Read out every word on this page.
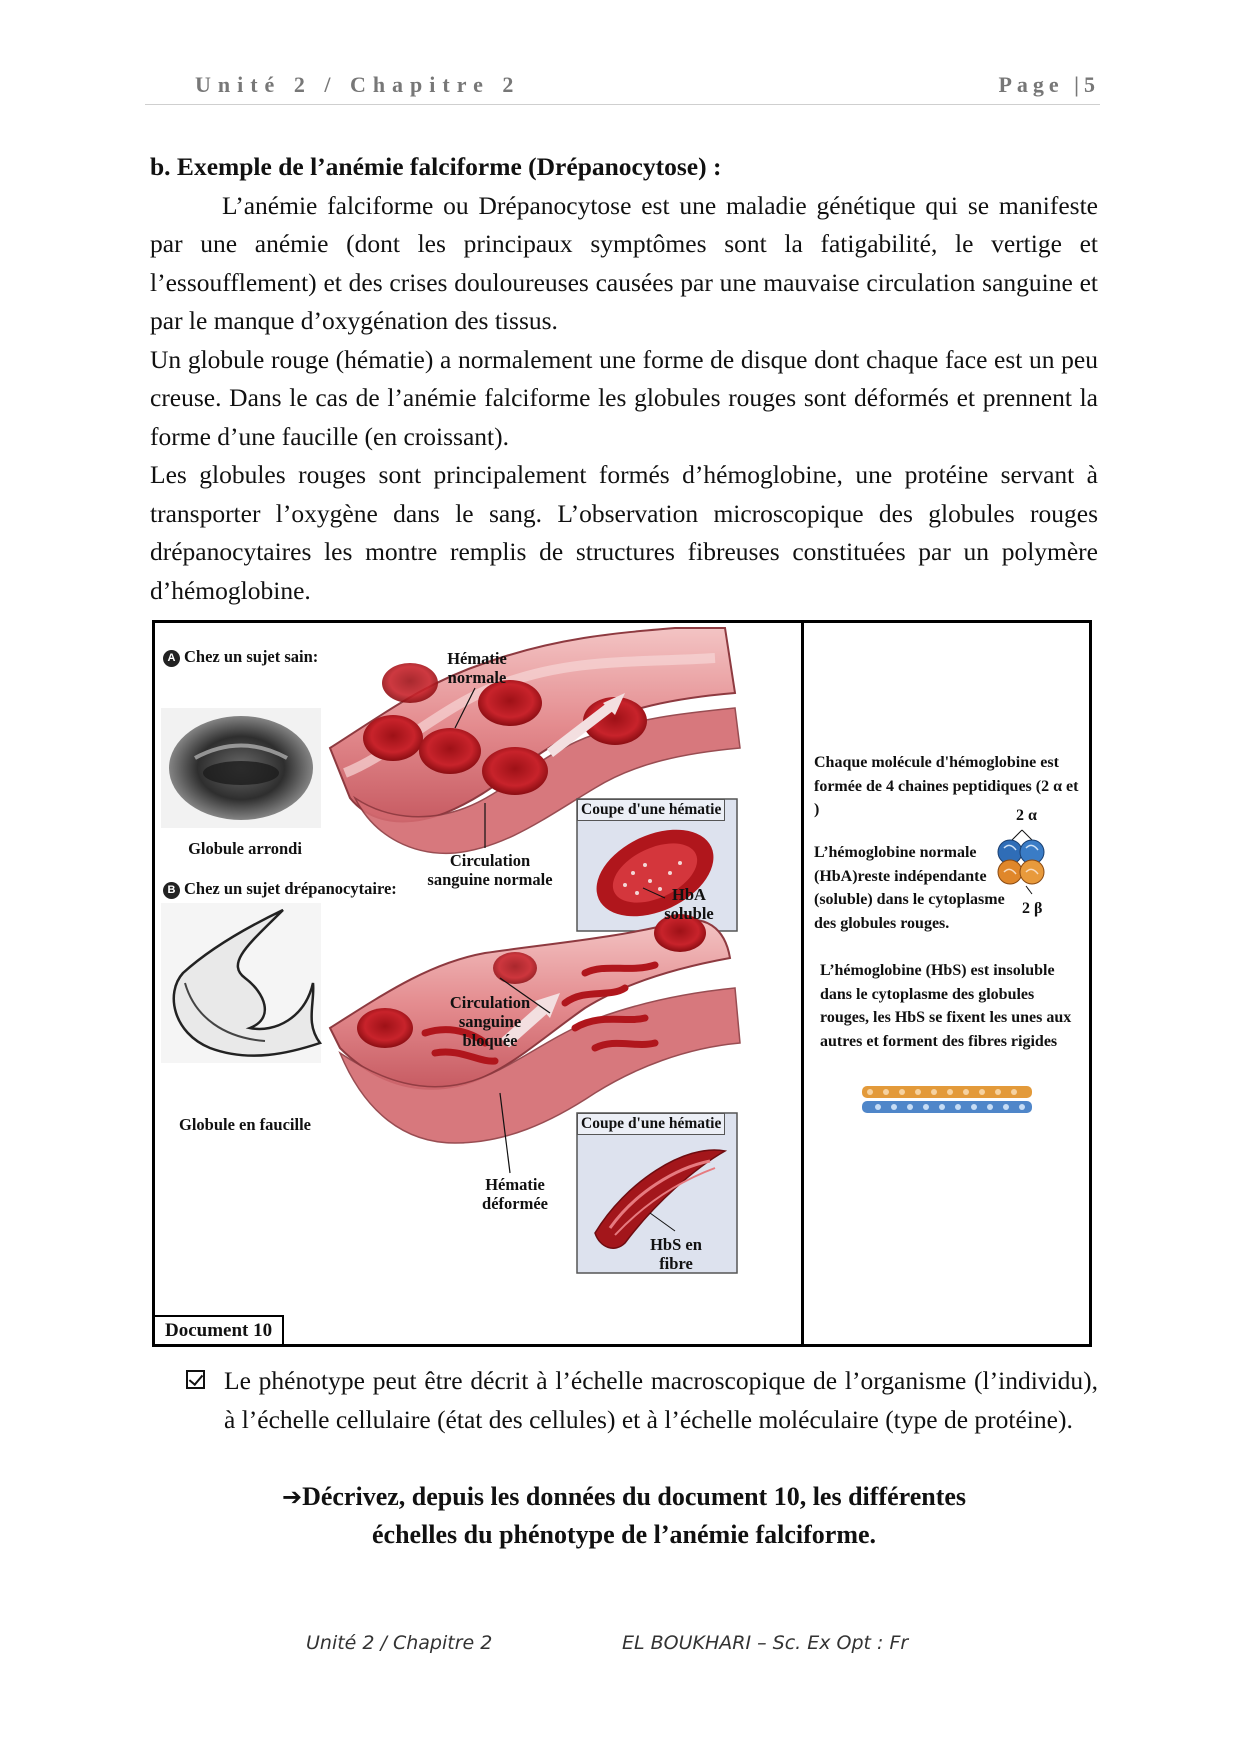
Unité 2 / Chapitre 2	Page |5
b. Exemple de l’anémie falciforme (Drépanocytose) :

L’anémie falciforme ou Drépanocytose est une maladie génétique qui se manifeste par une anémie (dont les principaux symptômes sont la fatigabilité, le vertige et l’essoufflement) et des crises douloureuses causées par une mauvaise circulation sanguine et par le manque d’oxygénation des tissus.

Un globule rouge (hématie) a normalement une forme de disque dont chaque face est un peu creuse. Dans le cas de l’anémie falciforme les globules rouges sont déformés et prennent la forme d’une faucille (en croissant).

Les globules rouges sont principalement formés d’hémoglobine, une protéine servant à transporter l’oxygène dans le sang. L’observation microscopique des globules rouges drépanocytaires les montre remplis de structures fibreuses constituées par un polymère d’hémoglobine.

A Chez un sujet sain:
Globule arrondi
B Chez un sujet drépanocytaire:
Globule en faucille
Hématie normale
Circulation sanguine normale
Coupe d'une hématie
HbA soluble
Circulation sanguine bloquée
Coupe d'une hématie
Hématie déformée
HbS en fibre
Document 10
Chaque molécule d'hémoglobine est formée de 4 chaines peptidiques (2 α et )	2 α
L’hémoglobine normale (HbA)reste indépendante (soluble) dans le cytoplasme des globules rouges.
2 β
L’hémoglobine (HbS) est insoluble dans le cytoplasme des globules rouges, les HbS se fixent les unes aux autres et forment des fibres rigides
Le phénotype peut être décrit à l’échelle macroscopique de l’organisme (l’individu), à l’échelle cellulaire (état des cellules) et à l’échelle moléculaire (type de protéine).
➔Décrivez, depuis les données du document 10, les différentes
échelles du phénotype de l’anémie falciforme.
Unité 2 / Chapitre 2	EL BOUKHARI – Sc. Ex Opt : Fr
